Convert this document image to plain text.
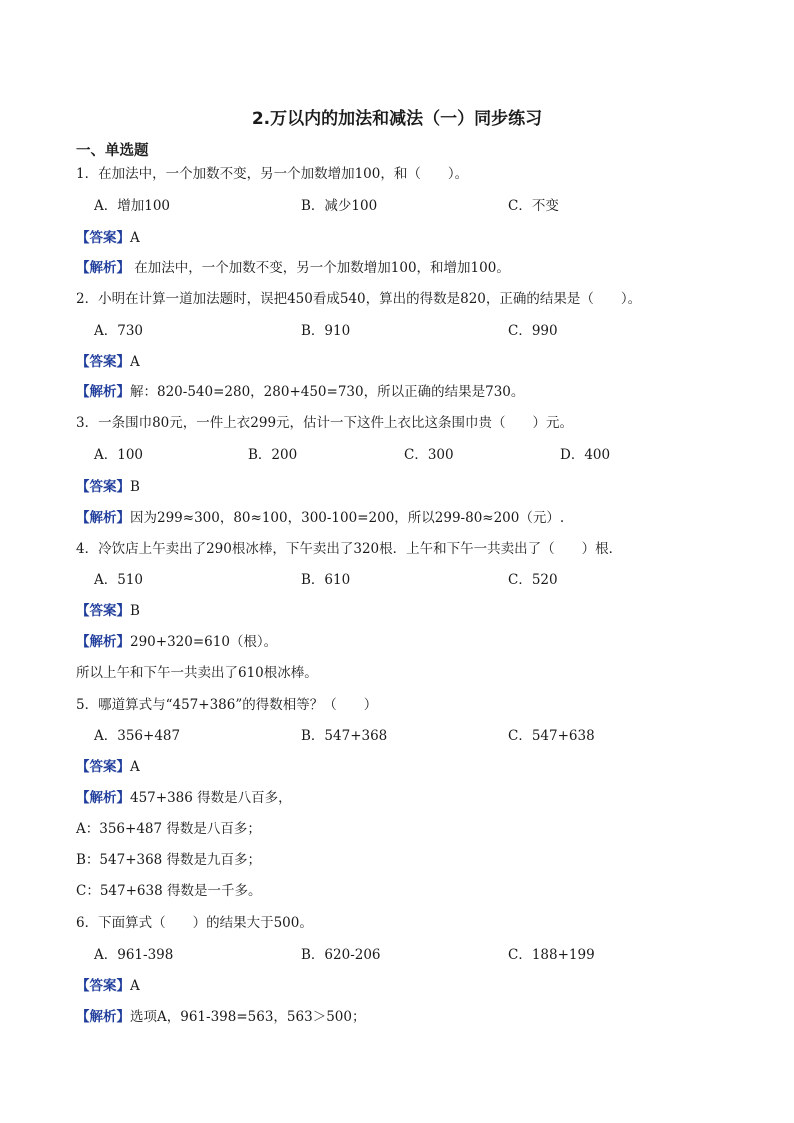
2.万以内的加法和减法（一）同步练习
一、单选题
1．在加法中，一个加数不变，另一个加数增加100，和（　　）。
A．增加100	B．减少100	C．不变
【答案】A
【解析】 在加法中，一个加数不变，另一个加数增加100，和增加100。
2．小明在计算一道加法题时，误把450看成540，算出的得数是820，正确的结果是（　　）。
A．730	B．910	C．990
【答案】A
【解析】解：820-540=280，280+450=730，所以正确的结果是730。
3．一条围巾80元，一件上衣299元，估计一下这件上衣比这条围巾贵（　　）元。
A．100	B．200	C．300	D．400
【答案】B
【解析】因为299≈300，80≈100，300-100=200，所以299-80≈200（元）.
4．冷饮店上午卖出了290根冰棒，下午卖出了320根．上午和下午一共卖出了（　　）根．
A．510	B．610	C．520
【答案】B
【解析】290+320=610（根）。
所以上午和下午一共卖出了610根冰棒。
5．哪道算式与“457+386”的得数相等？（　　）
A．356+487	B．547+368	C．547+638
【答案】A
【解析】457+386 得数是八百多，
A：356+487 得数是八百多；
B：547+368 得数是九百多；
C：547+638 得数是一千多。
6．下面算式（　　）的结果大于500。
A．961-398	B．620-206	C．188+199
【答案】A
【解析】选项A，961-398=563，563＞500；
